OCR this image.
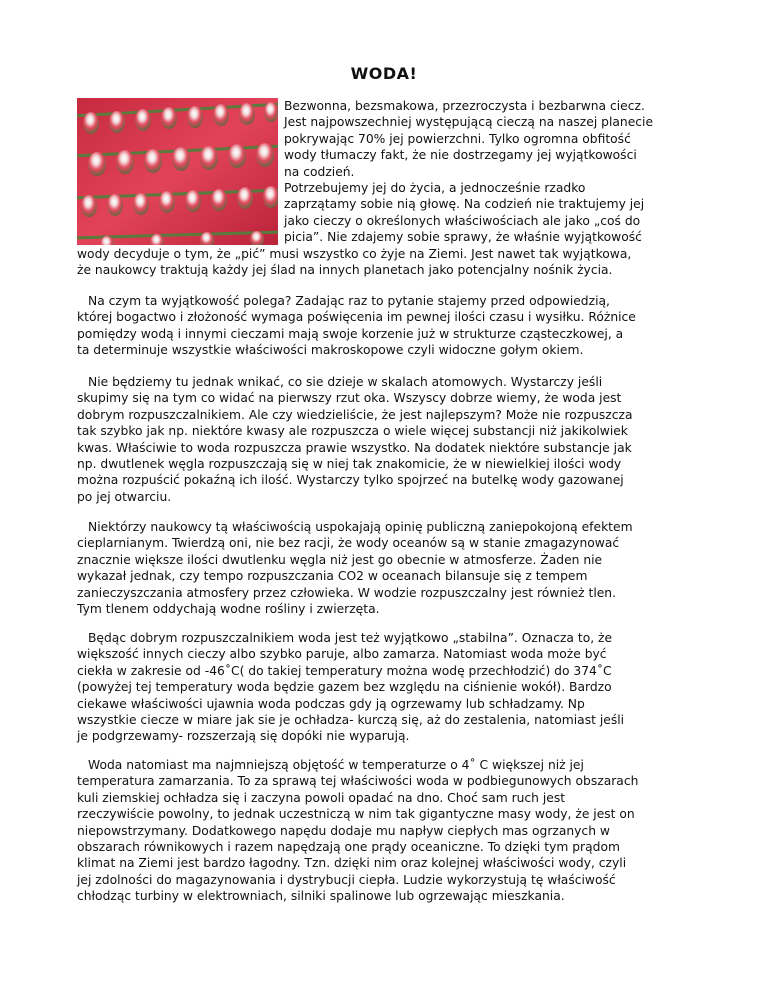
WODA!
Bezwonna, bezsmakowa, przezroczysta i bezbarwna ciecz.
Jest najpowszechniej występującą cieczą na naszej planecie
pokrywając 70% jej powierzchni. Tylko ogromna obfitość
wody tłumaczy fakt, że nie dostrzegamy jej wyjątkowości
na codzień.
Potrzebujemy jej do życia, a jednocześnie rzadko
zaprzątamy sobie nią głowę. Na codzień nie traktujemy jej
jako cieczy o określonych właściwościach ale jako „coś do
picia”. Nie zdajemy sobie sprawy, że właśnie wyjątkowość
wody decyduje o tym, że „pić” musi wszystko co żyje na Ziemi. Jest nawet tak wyjątkowa,
że naukowcy traktują każdy jej ślad na innych planetach jako potencjalny nośnik życia.
Na czym ta wyjątkowość polega? Zadając raz to pytanie stajemy przed odpowiedzią,
której bogactwo i złożoność wymaga poświęcenia im pewnej ilości czasu i wysiłku. Różnice
pomiędzy wodą i innymi cieczami mają swoje korzenie już w strukturze cząsteczkowej, a
ta determinuje wszystkie właściwości makroskopowe czyli widoczne gołym okiem.
Nie będziemy tu jednak wnikać, co sie dzieje w skalach atomowych. Wystarczy jeśli
skupimy się na tym co widać na pierwszy rzut oka. Wszyscy dobrze wiemy, że woda jest
dobrym rozpuszczalnikiem. Ale czy wiedzieliście, że jest najlepszym? Może nie rozpuszcza
tak szybko jak np. niektóre kwasy ale rozpuszcza o wiele więcej substancji niż jakikolwiek
kwas. Właściwie to woda rozpuszcza prawie wszystko. Na dodatek niektóre substancje jak
np. dwutlenek węgla rozpuszczają się w niej tak znakomicie, że w niewielkiej ilości wody
można rozpuścić pokaźną ich ilość. Wystarczy tylko spojrzeć na butelkę wody gazowanej
po jej otwarciu.
Niektórzy naukowcy tą właściwością uspokajają opinię publiczną zaniepokojoną efektem
cieplarnianym. Twierdzą oni, nie bez racji, że wody oceanów są w stanie zmagazynować
znacznie większe ilości dwutlenku węgla niż jest go obecnie w atmosferze. Żaden nie
wykazał jednak, czy tempo rozpuszczania CO2 w oceanach bilansuje się z tempem
zanieczyszczania atmosfery przez człowieka. W wodzie rozpuszczalny jest również tlen.
Tym tlenem oddychają wodne rośliny i zwierzęta.
Będąc dobrym rozpuszczalnikiem woda jest też wyjątkowo „stabilna”. Oznacza to, że
większość innych cieczy albo szybko paruje, albo zamarza. Natomiast woda może być
ciekła w zakresie od -46˚C( do takiej temperatury można wodę przechłodzić) do 374˚C
(powyżej tej temperatury woda będzie gazem bez względu na ciśnienie wokół). Bardzo
ciekawe właściwości ujawnia woda podczas gdy ją ogrzewamy lub schładzamy. Np
wszystkie ciecze w miare jak sie je ochładza- kurczą się, aż do zestalenia, natomiast jeśli
je podgrzewamy- rozszerzają się dopóki nie wyparują.
Woda natomiast ma najmniejszą objętość w temperaturze o 4˚ C większej niż jej
temperatura zamarzania. To za sprawą tej właściwości woda w podbiegunowych obszarach
kuli ziemskiej ochładza się i zaczyna powoli opadać na dno. Choć sam ruch jest
rzeczywiście powolny, to jednak uczestniczą w nim tak gigantyczne masy wody, że jest on
niepowstrzymany. Dodatkowego napędu dodaje mu napływ ciepłych mas ogrzanych w
obszarach równikowych i razem napędzają one prądy oceaniczne. To dzięki tym prądom
klimat na Ziemi jest bardzo łagodny. Tzn. dzięki nim oraz kolejnej właściwości wody, czyli
jej zdolności do magazynowania i dystrybucji ciepła. Ludzie wykorzystują tę właściwość
chłodząc turbiny w elektrowniach, silniki spalinowe lub ogrzewając mieszkania.
